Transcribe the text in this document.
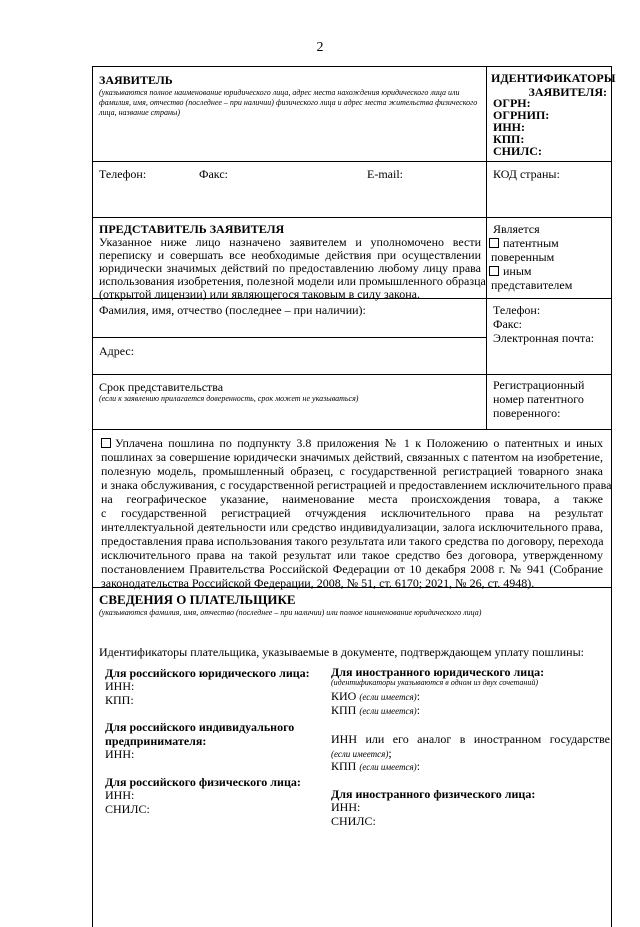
2
ЗАЯВИТЕЛЬ
(указываются полное наименование юридического лица, адрес места нахождения юридического лица или фамилия, имя, отчество (последнее – при наличии) физического лица и адрес места жительства физического лица, название страны)
Телефон:	Факс:	E-mail:
ИДЕНТИФИКАТОРЫ ЗАЯВИТЕЛЯ:
ОГРН:
ОГРНИП:
ИНН:
КПП:
СНИЛС:
КОД страны:
ПРЕДСТАВИТЕЛЬ ЗАЯВИТЕЛЯ
Указанное ниже лицо назначено заявителем и уполномочено вести
переписку и совершать все необходимые действия при осуществлении
юридически значимых действий по предоставлению любому лицу права
использования изобретения, полезной модели или промышленного образца
(открытой лицензии) или являющегося таковым в силу закона.
Является
патентным
поверенным
иным
представителем
Фамилия, имя, отчество (последнее – при наличии):	Телефон:
Факс:
Электронная почта:
Адрес:
Срок представительства
(если к заявлению прилагается доверенность, срок может не указываться)
Регистрационный
номер патентного
поверенного:
Уплачена пошлина по подпункту 3.8 приложения № 1 к Положению о патентных и иных
пошлинах за совершение юридически значимых действий, связанных с патентом на изобретение,
полезную модель, промышленный образец, с государственной регистрацией товарного знака
и знака обслуживания, с государственной регистрацией и предоставлением исключительного права
на географическое указание, наименование места происхождения товара, а также
с государственной регистрацией отчуждения исключительного права на результат
интеллектуальной деятельности или средство индивидуализации, залога исключительного права,
предоставления права использования такого результата или такого средства по договору, перехода
исключительного права на такой результат или такое средство без договора, утвержденному
постановлением Правительства Российской Федерации от 10 декабря 2008 г. № 941 (Собрание
законодательства Российской Федерации, 2008, № 51, ст. 6170; 2021, № 26, ст. 4948).
СВЕДЕНИЯ О ПЛАТЕЛЬЩИКЕ
(указываются фамилия, имя, отчество (последнее – при наличии) или полное наименование юридического лица)
Идентификаторы плательщика, указываемые в документе, подтверждающем уплату пошлины:
Для российского юридического лица:
ИНН:
КПП:
Для российского индивидуального
предпринимателя:
ИНН:
Для российского физического лица:
ИНН:
СНИЛС:
Для иностранного юридического лица:
(идентификаторы указываются в одном из двух сочетаний)
КИО (если имеется):
КПП (если имеется):
ИНН или его аналог в иностранном государстве
(если имеется);
КПП (если имеется):
Для иностранного физического лица:
ИНН:
СНИЛС:
